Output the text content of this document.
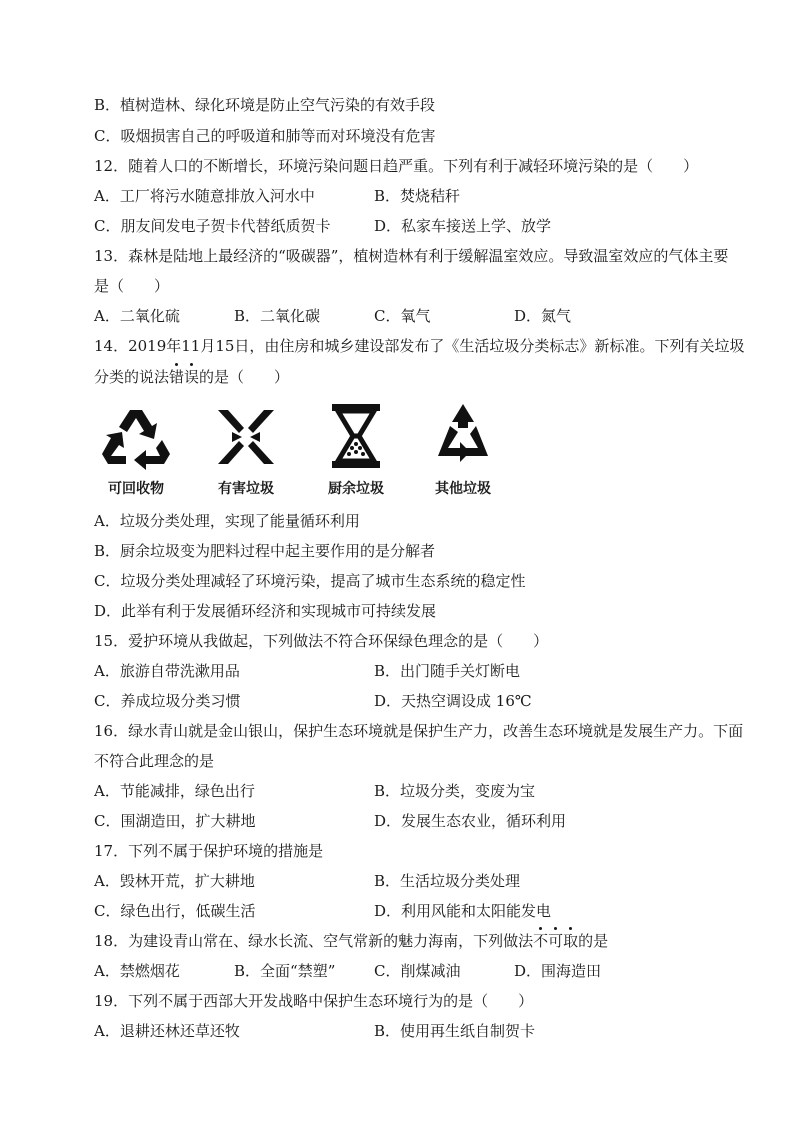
B．植树造林、绿化环境是防止空气污染的有效手段
C．吸烟损害自己的呼吸道和肺等而对环境没有危害
12．随着人口的不断增长，环境污染问题日趋严重。下列有利于减轻环境污染的是（　　）
A．工厂将污水随意排放入河水中	B．焚烧秸秆
C．朋友间发电子贺卡代替纸质贺卡	D．私家车接送上学、放学
13．森林是陆地上最经济的“吸碳器”，植树造林有利于缓解温室效应。导致温室效应的气体主要
是（　　）
A．二氧化硫	B．二氧化碳	C．氧气	D．氮气
14．2019年11月15日，由住房和城乡建设部发布了《生活垃圾分类标志》新标准。下列有关垃圾
分类的说法错误的是（　　）
可回收物	有害垃圾	厨余垃圾	其他垃圾
A．垃圾分类处理，实现了能量循环利用
B．厨余垃圾变为肥料过程中起主要作用的是分解者
C．垃圾分类处理减轻了环境污染，提高了城市生态系统的稳定性
D．此举有利于发展循环经济和实现城市可持续发展
15．爱护环境从我做起，下列做法不符合环保绿色理念的是（　　）
A．旅游自带洗漱用品	B．出门随手关灯断电
C．养成垃圾分类习惯	D．天热空调设成 16℃
16．绿水青山就是金山银山，保护生态环境就是保护生产力，改善生态环境就是发展生产力。下面
不符合此理念的是
A．节能减排，绿色出行	B．垃圾分类，变废为宝
C．围湖造田，扩大耕地	D．发展生态农业，循环利用
17．下列不属于保护环境的措施是
A．毁林开荒，扩大耕地	B．生活垃圾分类处理
C．绿色出行，低碳生活	D．利用风能和太阳能发电
18．为建设青山常在、绿水长流、空气常新的魅力海南，下列做法不可取的是
A．禁燃烟花	B．全面“禁塑”	C．削煤减油	D．围海造田
19．下列不属于西部大开发战略中保护生态环境行为的是（　　）
A．退耕还林还草还牧	B．使用再生纸自制贺卡
